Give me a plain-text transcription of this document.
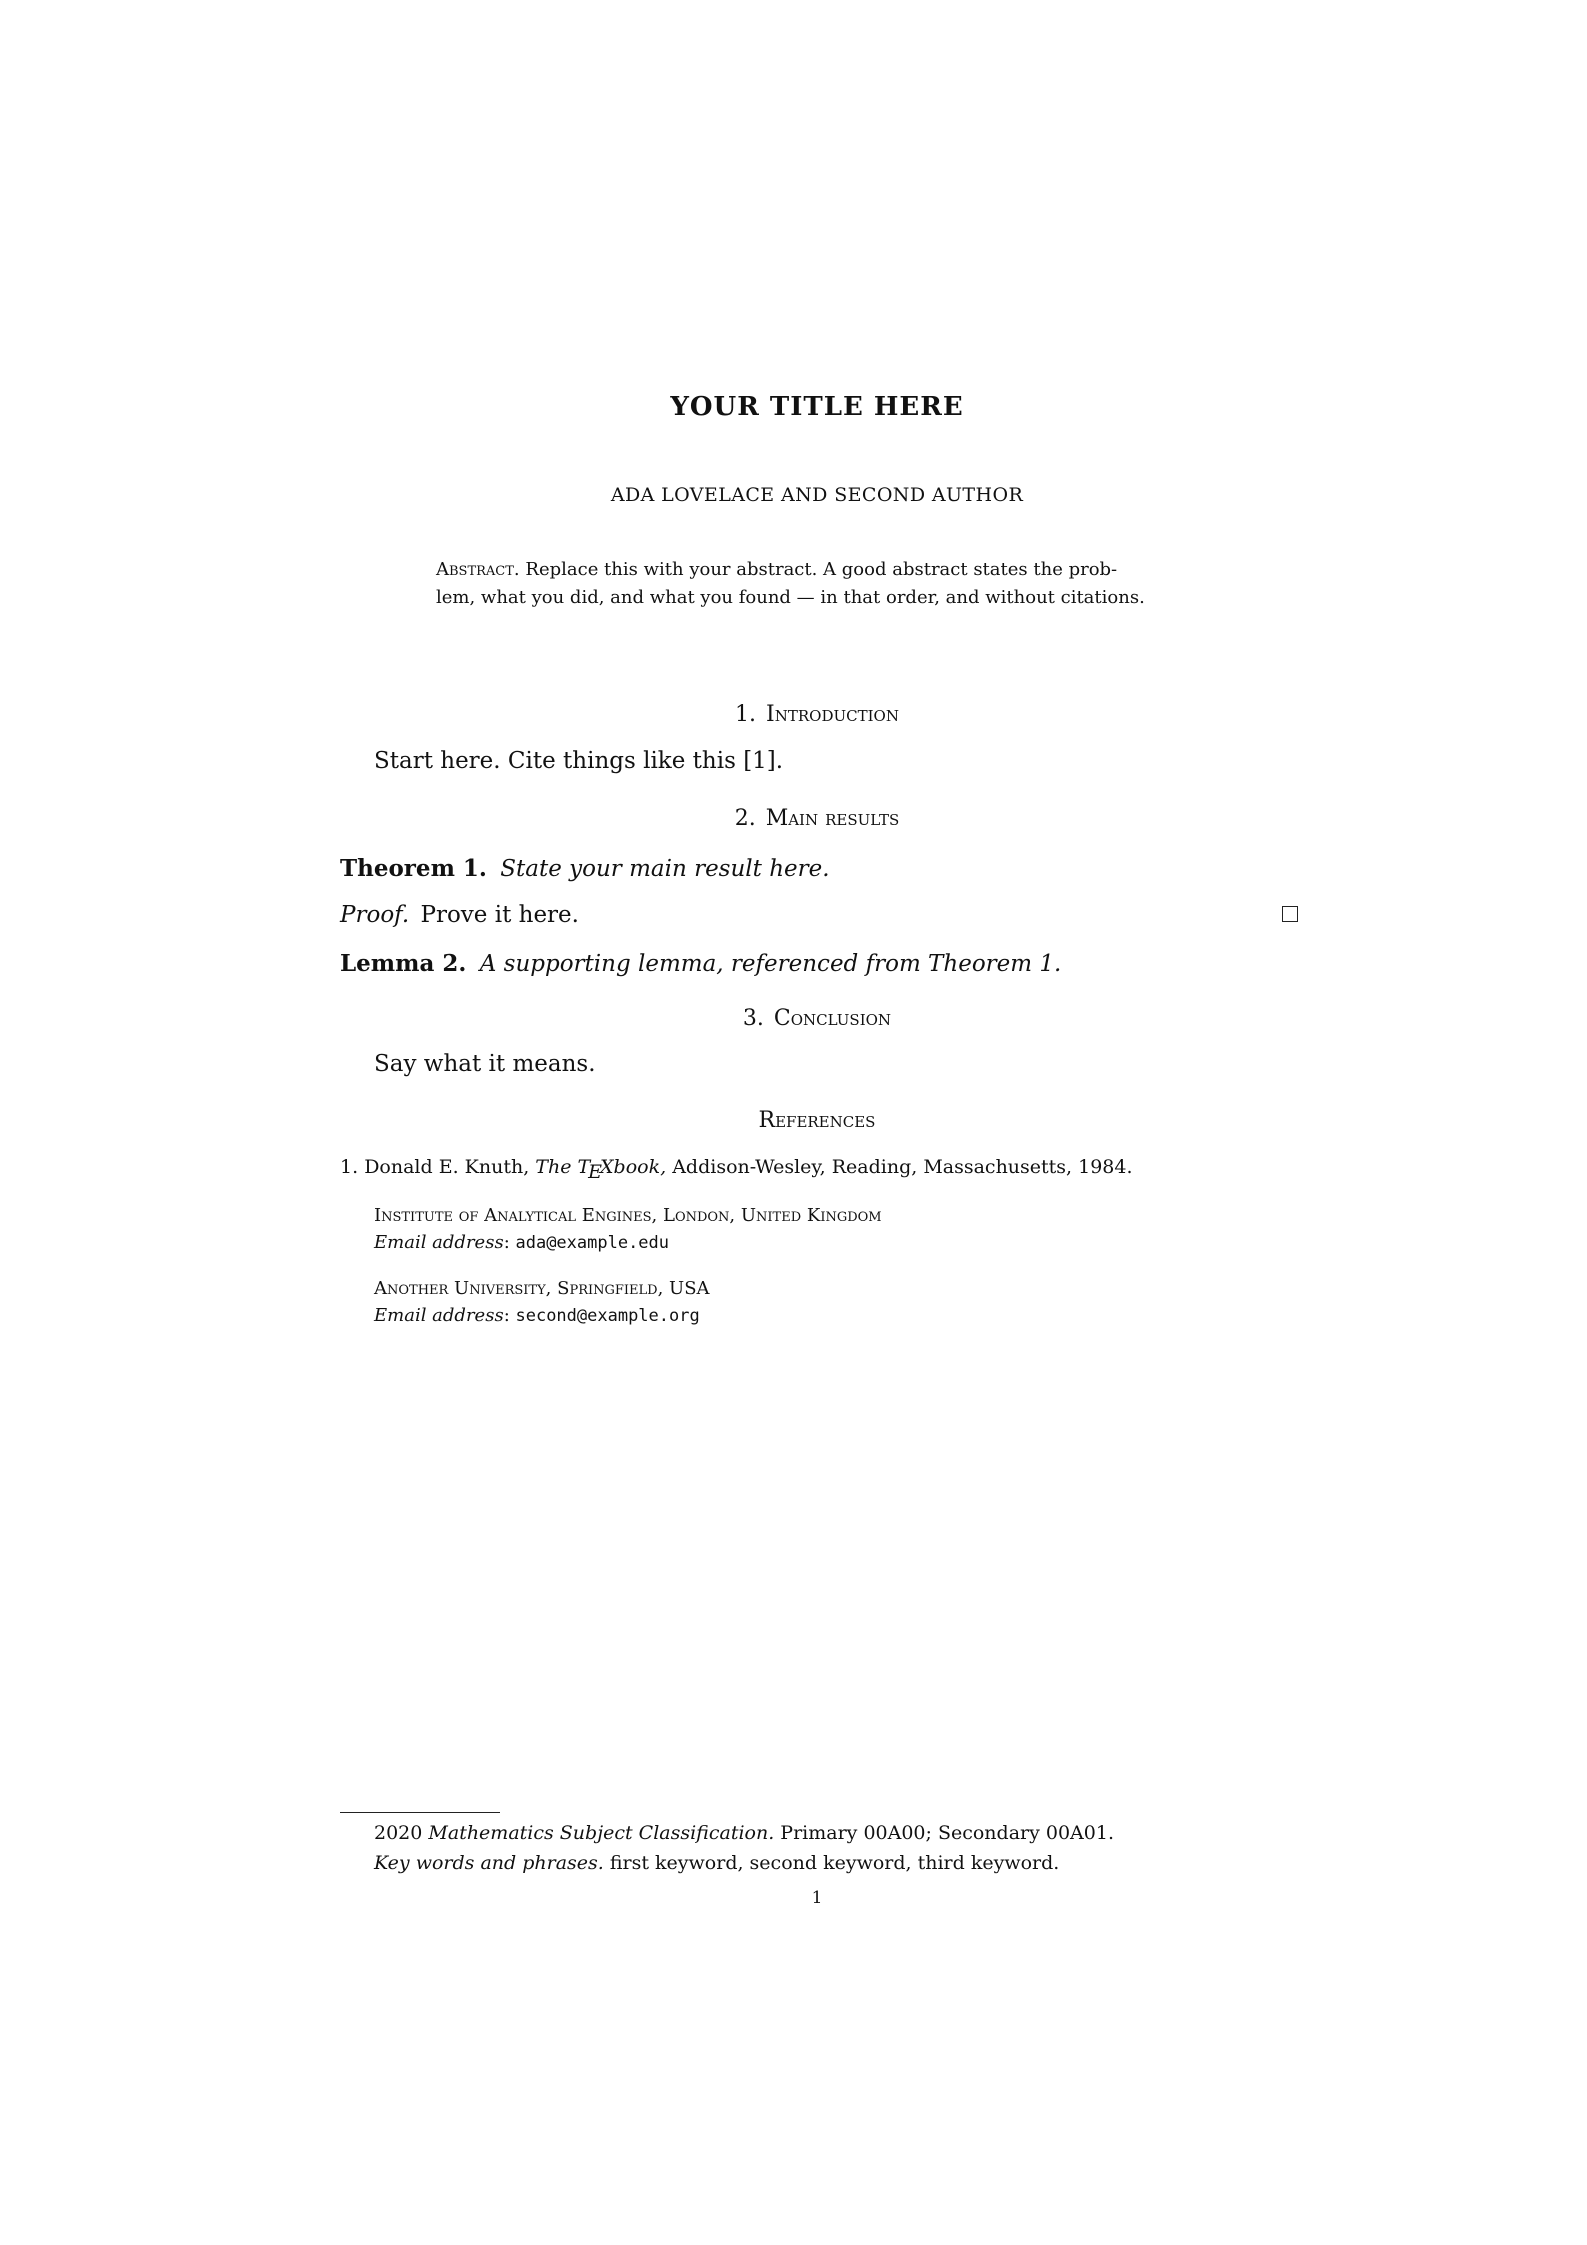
YOUR TITLE HERE
ADA LOVELACE AND SECOND AUTHOR
Abstract. Replace this with your abstract. A good abstract states the prob-
lem, what you did, and what you found — in that order, and without citations.
1. Introduction
Start here. Cite things like this [1].
2. Main results
Theorem 1. State your main result here.
Proof. Prove it here.
Lemma 2. A supporting lemma, referenced from Theorem 1.
3. Conclusion
Say what it means.
References
1. Donald E. Knuth, The TEXbook, Addison-Wesley, Reading, Massachusetts, 1984.
Institute of Analytical Engines, London, United Kingdom
Email address: ada@example.edu
Another University, Springfield, USA
Email address: second@example.org
2020 Mathematics Subject Classification. Primary 00A00; Secondary 00A01.
Key words and phrases. first keyword, second keyword, third keyword.
1
